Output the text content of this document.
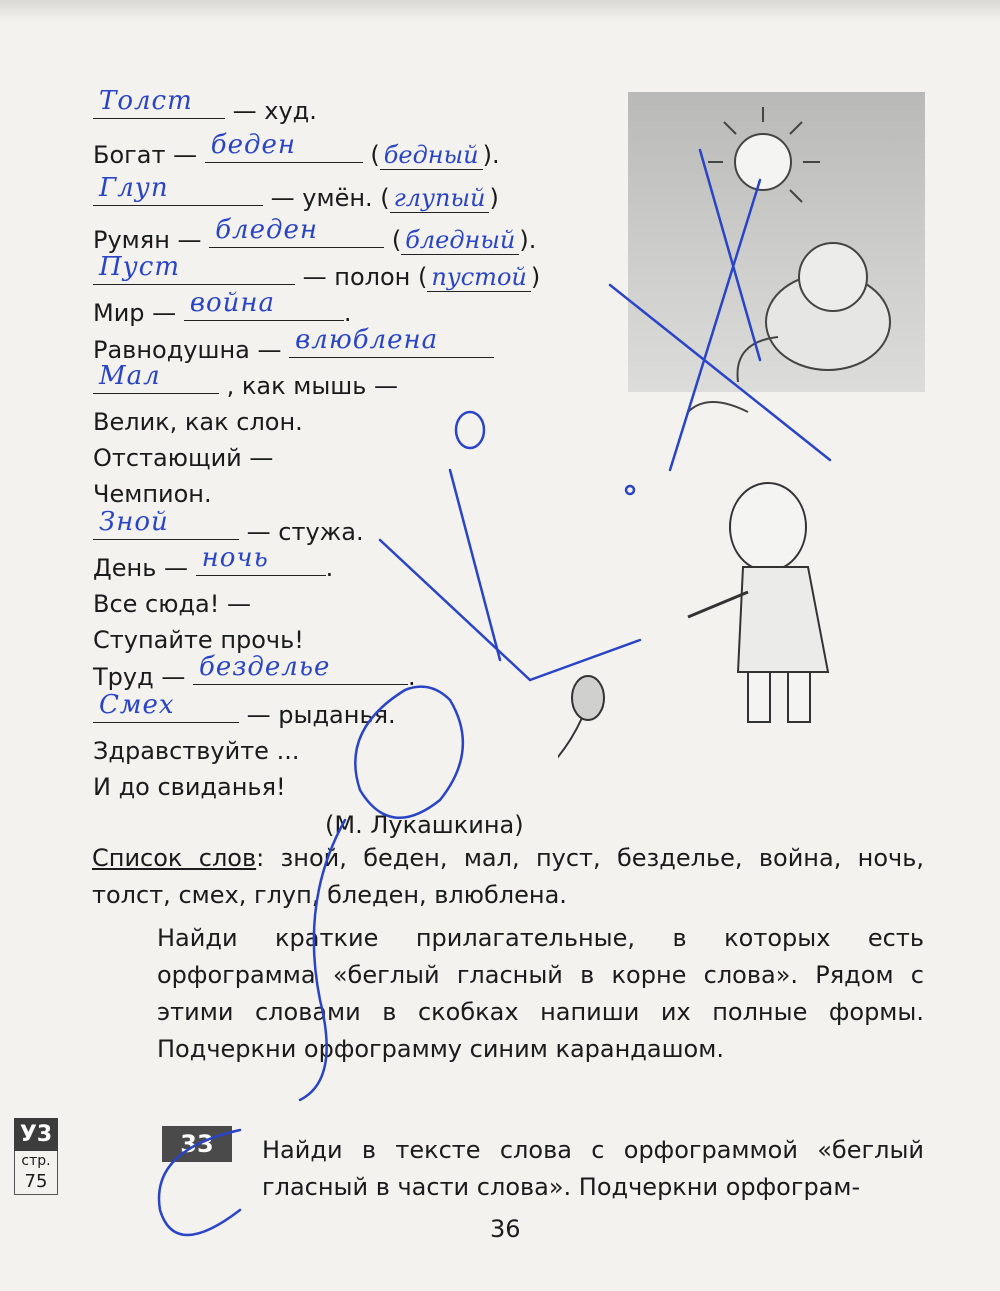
Толст — худ.
Богат — беден	( бедный ).
Глуп	— умён. ( глупый )
Румян — бледен	( бледный ).
Пуст	— полон ( пустой )
Мир — война	.
Равнодушна — влюблена
Мал	, как мышь —
Велик, как слон.
Отстающий —
Чемпион.
Зной	— стужа.
День — ночь .
Все сюда! —
Ступайте прочь!
Труд — безделье	.
Смех	— рыданья.
Здравствуйте ...
И до свиданья!
(М. Лукашкина)
Список слов: зной, беден, мал, пуст, безделье, война, ночь, толст, смех, глуп, бледен, влюблена.
Найди краткие прилагательные, в которых есть орфограмма «беглый гласный в корне слова». Рядом с этими словами в скобках напиши их полные формы. Подчеркни орфограмму синим карандашом.
У3
стр.
75
33	Найди в тексте слова с орфограммой «беглый гласный в части слова». Подчеркни орфограм-
36
